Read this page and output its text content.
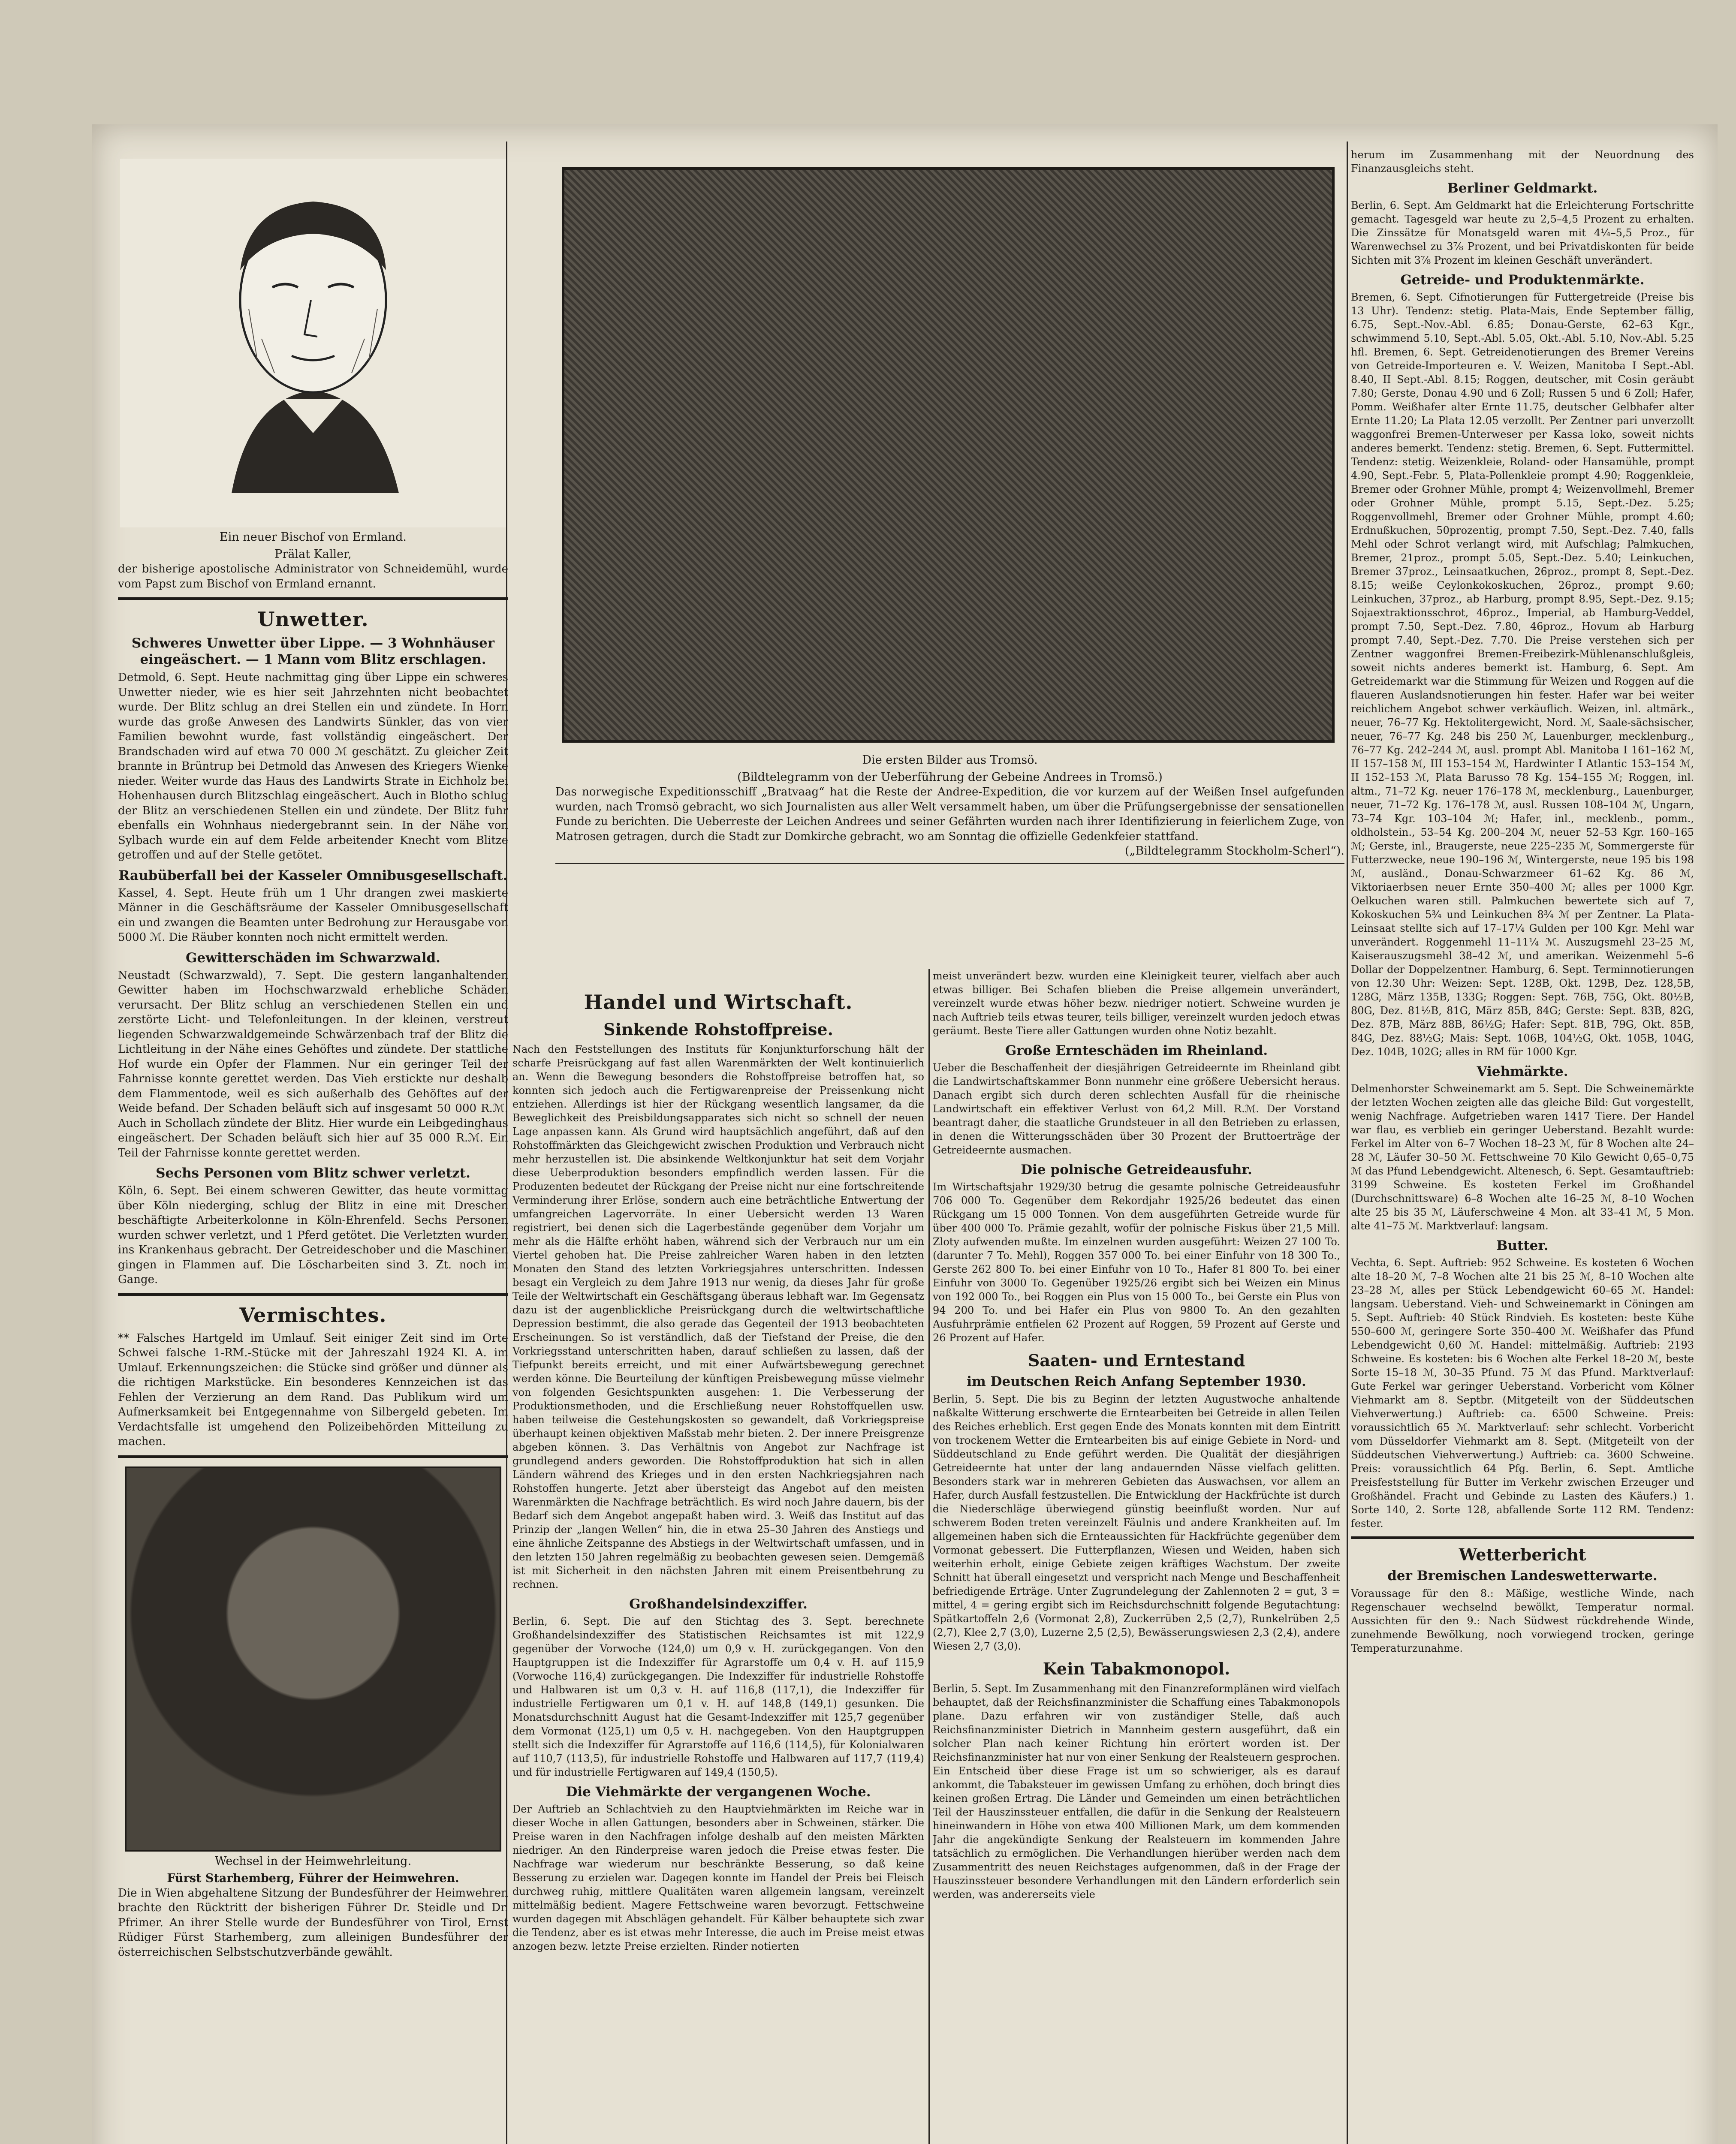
Ein neuer Bischof von Ermland.

Prälat Kaller,

der bisherige apostolische Administrator von Schneidemühl, wurde vom Papst zum Bischof von Ermland ernannt.

Unwetter.
Schweres Unwetter über Lippe. — 3 Wohnhäuser eingeäschert. — 1 Mann vom Blitz erschlagen.

Detmold, 6. Sept. Heute nachmittag ging über Lippe ein schweres Unwetter nieder, wie es hier seit Jahrzehnten nicht beobachtet wurde. Der Blitz schlug an drei Stellen ein und zündete. In Horn wurde das große Anwesen des Landwirts Sünkler, das von vier Familien bewohnt wurde, fast vollständig eingeäschert. Der Brandschaden wird auf etwa 70 000 ℳ geschätzt. Zu gleicher Zeit brannte in Brüntrup bei Detmold das Anwesen des Kriegers Wienke nieder. Weiter wurde das Haus des Landwirts Strate in Eichholz bei Hohenhausen durch Blitzschlag eingeäschert. Auch in Blotho schlug der Blitz an verschiedenen Stellen ein und zündete. Der Blitz fuhr ebenfalls ein Wohnhaus niedergebrannt sein. In der Nähe von Sylbach wurde ein auf dem Felde arbeitender Knecht vom Blitze getroffen und auf der Stelle getötet.

Raubüberfall bei der Kasseler Omnibusgesellschaft.

Kassel, 4. Sept. Heute früh um 1 Uhr drangen zwei maskierte Männer in die Geschäftsräume der Kasseler Omnibusgesellschaft ein und zwangen die Beamten unter Bedrohung zur Herausgabe von 5000 ℳ. Die Räuber konnten noch nicht ermittelt werden.

Gewitterschäden im Schwarzwald.

Neustadt (Schwarzwald), 7. Sept. Die gestern langanhaltenden Gewitter haben im Hochschwarzwald erhebliche Schäden verursacht. Der Blitz schlug an verschiedenen Stellen ein und zerstörte Licht- und Telefonleitungen. In der kleinen, verstreut liegenden Schwarzwaldgemeinde Schwärzenbach traf der Blitz die Lichtleitung in der Nähe eines Gehöftes und zündete. Der stattliche Hof wurde ein Opfer der Flammen. Nur ein geringer Teil der Fahrnisse konnte gerettet werden. Das Vieh erstickte nur deshalb dem Flammentode, weil es sich außerhalb des Gehöftes auf der Weide befand. Der Schaden beläuft sich auf insgesamt 50 000 R.ℳ. Auch in Schollach zündete der Blitz. Hier wurde ein Leibgedinghaus eingeäschert. Der Schaden beläuft sich hier auf 35 000 R.ℳ. Ein Teil der Fahrnisse konnte gerettet werden.

Sechs Personen vom Blitz schwer verletzt.

Köln, 6. Sept. Bei einem schweren Gewitter, das heute vormittag über Köln niederging, schlug der Blitz in eine mit Dreschen beschäftigte Arbeiterkolonne in Köln-Ehrenfeld. Sechs Personen wurden schwer verletzt, und 1 Pferd getötet. Die Verletzten wurden ins Krankenhaus gebracht. Der Getreideschober und die Maschinen gingen in Flammen auf. Die Löscharbeiten sind 3. Zt. noch im Gange.

Vermischtes.

** Falsches Hartgeld im Umlauf. Seit einiger Zeit sind im Orte Schwei falsche 1-RM.-Stücke mit der Jahreszahl 1924 Kl. A. im Umlauf. Erkennungszeichen: die Stücke sind größer und dünner als die richtigen Markstücke. Ein besonderes Kennzeichen ist das Fehlen der Verzierung an dem Rand. Das Publikum wird um Aufmerksamkeit bei Entgegennahme von Silbergeld gebeten. Im Verdachtsfalle ist umgehend den Polizeibehörden Mitteilung zu machen.

Wechsel in der Heimwehrleitung.

Fürst Starhemberg, Führer der Heimwehren.

Die in Wien abgehaltene Sitzung der Bundesführer der Heimwehren brachte den Rücktritt der bisherigen Führer Dr. Steidle und Dr. Pfrimer. An ihrer Stelle wurde der Bundesführer von Tirol, Ernst Rüdiger Fürst Starhemberg, zum alleinigen Bundesführer der österreichischen Selbstschutzverbände gewählt.

Die ersten Bilder aus Tromsö.

(Bildtelegramm von der Ueberführung der Gebeine Andrees in Tromsö.)

Das norwegische Expeditionsschiff „Bratvaag“ hat die Reste der Andree-Expedition, die vor kurzem auf der Weißen Insel aufgefunden wurden, nach Tromsö gebracht, wo sich Journalisten aus aller Welt versammelt haben, um über die Prüfungsergebnisse der sensationellen Funde zu berichten. Die Ueberreste der Leichen Andrees und seiner Gefährten wurden nach ihrer Identifizierung in feierlichem Zuge, von Matrosen getragen, durch die Stadt zur Domkirche gebracht, wo am Sonntag die offizielle Gedenkfeier stattfand.

(„Bildtelegramm Stockholm-Scherl“).

Handel und Wirtschaft.
Sinkende Rohstoffpreise.

Nach den Feststellungen des Instituts für Konjunkturforschung hält der scharfe Preisrückgang auf fast allen Warenmärkten der Welt kontinuierlich an. Wenn die Bewegung besonders die Rohstoffpreise betroffen hat, so konnten sich jedoch auch die Fertigwarenpreise der Preissenkung nicht entziehen. Allerdings ist hier der Rückgang wesentlich langsamer, da die Beweglichkeit des Preisbildungsapparates sich nicht so schnell der neuen Lage anpassen kann. Als Grund wird hauptsächlich angeführt, daß auf den Rohstoffmärkten das Gleichgewicht zwischen Produktion und Verbrauch nicht mehr herzustellen ist. Die absinkende Weltkonjunktur hat seit dem Vorjahr diese Ueberproduktion besonders empfindlich werden lassen. Für die Produzenten bedeutet der Rückgang der Preise nicht nur eine fortschreitende Verminderung ihrer Erlöse, sondern auch eine beträchtliche Entwertung der umfangreichen Lagervorräte. In einer Uebersicht werden 13 Waren registriert, bei denen sich die Lagerbestände gegenüber dem Vorjahr um mehr als die Hälfte erhöht haben, während sich der Verbrauch nur um ein Viertel gehoben hat. Die Preise zahlreicher Waren haben in den letzten Monaten den Stand des letzten Vorkriegsjahres unterschritten. Indessen besagt ein Vergleich zu dem Jahre 1913 nur wenig, da dieses Jahr für große Teile der Weltwirtschaft ein Geschäftsgang überaus lebhaft war. Im Gegensatz dazu ist der augenblickliche Preisrückgang durch die weltwirtschaftliche Depression bestimmt, die also gerade das Gegenteil der 1913 beobachteten Erscheinungen. So ist verständlich, daß der Tiefstand der Preise, die den Vorkriegsstand unterschritten haben, darauf schließen zu lassen, daß der Tiefpunkt bereits erreicht, und mit einer Aufwärtsbewegung gerechnet werden könne. Die Beurteilung der künftigen Preisbewegung müsse vielmehr von folgenden Gesichtspunkten ausgehen: 1. Die Verbesserung der Produktionsmethoden, und die Erschließung neuer Rohstoffquellen usw. haben teilweise die Gestehungskosten so gewandelt, daß Vorkriegspreise überhaupt keinen objektiven Maßstab mehr bieten. 2. Der innere Preisgrenze abgeben können. 3. Das Verhältnis von Angebot zur Nachfrage ist grundlegend anders geworden. Die Rohstoffproduktion hat sich in allen Ländern während des Krieges und in den ersten Nachkriegsjahren nach Rohstoffen hungerte. Jetzt aber übersteigt das Angebot auf den meisten Warenmärkten die Nachfrage beträchtlich. Es wird noch Jahre dauern, bis der Bedarf sich dem Angebot angepaßt haben wird. 3. Weiß das Institut auf das Prinzip der „langen Wellen“ hin, die in etwa 25–30 Jahren des Anstiegs und eine ähnliche Zeitspanne des Abstiegs in der Weltwirtschaft umfassen, und in den letzten 150 Jahren regelmäßig zu beobachten gewesen seien. Demgemäß ist mit Sicherheit in den nächsten Jahren mit einem Preisentbehrung zu rechnen.

Großhandelsindexziffer.

Berlin, 6. Sept. Die auf den Stichtag des 3. Sept. berechnete Großhandelsindexziffer des Statistischen Reichsamtes ist mit 122,9 gegenüber der Vorwoche (124,0) um 0,9 v. H. zurückgegangen. Von den Hauptgruppen ist die Indexziffer für Agrarstoffe um 0,4 v. H. auf 115,9 (Vorwoche 116,4) zurückgegangen. Die Indexziffer für industrielle Rohstoffe und Halbwaren ist um 0,3 v. H. auf 116,8 (117,1), die Indexziffer für industrielle Fertigwaren um 0,1 v. H. auf 148,8 (149,1) gesunken. Die Monatsdurchschnitt August hat die Gesamt-Indexziffer mit 125,7 gegenüber dem Vormonat (125,1) um 0,5 v. H. nachgegeben. Von den Hauptgruppen stellt sich die Indexziffer für Agrarstoffe auf 116,6 (114,5), für Kolonialwaren auf 110,7 (113,5), für industrielle Rohstoffe und Halbwaren auf 117,7 (119,4) und für industrielle Fertigwaren auf 149,4 (150,5).

Die Viehmärkte der vergangenen Woche.

Der Auftrieb an Schlachtvieh zu den Hauptviehmärkten im Reiche war in dieser Woche in allen Gattungen, besonders aber in Schweinen, stärker. Die Preise waren in den Nachfragen infolge deshalb auf den meisten Märkten niedriger. An den Rinderpreise waren jedoch die Preise etwas fester. Die Nachfrage war wiederum nur beschränkte Besserung, so daß keine Besserung zu erzielen war. Dagegen konnte im Handel der Preis bei Fleisch durchweg ruhig, mittlere Qualitäten waren allgemein langsam, vereinzelt mittelmäßig bedient. Magere Fettschweine waren bevorzugt. Fettschweine wurden dagegen mit Abschlägen gehandelt. Für Kälber behauptete sich zwar die Tendenz, aber es ist etwas mehr Interesse, die auch im Preise meist etwas anzogen bezw. letzte Preise erzielten. Rinder notierten

meist unverändert bezw. wurden eine Kleinigkeit teurer, vielfach aber auch etwas billiger. Bei Schafen blieben die Preise allgemein unverändert, vereinzelt wurde etwas höher bezw. niedriger notiert. Schweine wurden je nach Auftrieb teils etwas teurer, teils billiger, vereinzelt wurden jedoch etwas geräumt. Beste Tiere aller Gattungen wurden ohne Notiz bezahlt.

Große Ernteschäden im Rheinland.

Ueber die Beschaffenheit der diesjährigen Getreideernte im Rheinland gibt die Landwirtschaftskammer Bonn nunmehr eine größere Uebersicht heraus. Danach ergibt sich durch deren schlechten Ausfall für die rheinische Landwirtschaft ein effektiver Verlust von 64,2 Mill. R.ℳ. Der Vorstand beantragt daher, die staatliche Grundsteuer in all den Betrieben zu erlassen, in denen die Witterungsschäden über 30 Prozent der Bruttoerträge der Getreideernte ausmachen.

Die polnische Getreideausfuhr.

Im Wirtschaftsjahr 1929/30 betrug die gesamte polnische Getreideausfuhr 706 000 To. Gegenüber dem Rekordjahr 1925/26 bedeutet das einen Rückgang um 15 000 Tonnen. Von dem ausgeführten Getreide wurde für über 400 000 To. Prämie gezahlt, wofür der polnische Fiskus über 21,5 Mill. Zloty aufwenden mußte. Im einzelnen wurden ausgeführt: Weizen 27 100 To. (darunter 7 To. Mehl), Roggen 357 000 To. bei einer Einfuhr von 18 300 To., Gerste 262 800 To. bei einer Einfuhr von 10 To., Hafer 81 800 To. bei einer Einfuhr von 3000 To. Gegenüber 1925/26 ergibt sich bei Weizen ein Minus von 192 000 To., bei Roggen ein Plus von 15 000 To., bei Gerste ein Plus von 94 200 To. und bei Hafer ein Plus von 9800 To. An den gezahlten Ausfuhrprämie entfielen 62 Prozent auf Roggen, 59 Prozent auf Gerste und 26 Prozent auf Hafer.

Saaten- und Erntestand
im Deutschen Reich Anfang September 1930.

Berlin, 5. Sept. Die bis zu Beginn der letzten Augustwoche anhaltende naßkalte Witterung erschwerte die Erntearbeiten bei Getreide in allen Teilen des Reiches erheblich. Erst gegen Ende des Monats konnten mit dem Eintritt von trockenem Wetter die Erntearbeiten bis auf einige Gebiete in Nord- und Süddeutschland zu Ende geführt werden. Die Qualität der diesjährigen Getreideernte hat unter der lang andauernden Nässe vielfach gelitten. Besonders stark war in mehreren Gebieten das Auswachsen, vor allem an Hafer, durch Ausfall festzustellen. Die Entwicklung der Hackfrüchte ist durch die Niederschläge überwiegend günstig beeinflußt worden. Nur auf schwerem Boden treten vereinzelt Fäulnis und andere Krankheiten auf. Im allgemeinen haben sich die Ernteaussichten für Hackfrüchte gegenüber dem Vormonat gebessert. Die Futterpflanzen, Wiesen und Weiden, haben sich weiterhin erholt, einige Gebiete zeigen kräftiges Wachstum. Der zweite Schnitt hat überall eingesetzt und verspricht nach Menge und Beschaffenheit befriedigende Erträge. Unter Zugrundelegung der Zahlennoten 2 = gut, 3 = mittel, 4 = gering ergibt sich im Reichsdurchschnitt folgende Begutachtung: Spätkartoffeln 2,6 (Vormonat 2,8), Zuckerrüben 2,5 (2,7), Runkelrüben 2,5 (2,7), Klee 2,7 (3,0), Luzerne 2,5 (2,5), Bewässerungswiesen 2,3 (2,4), andere Wiesen 2,7 (3,0).

Kein Tabakmonopol.

Berlin, 5. Sept. Im Zusammenhang mit den Finanzreformplänen wird vielfach behauptet, daß der Reichsfinanzminister die Schaffung eines Tabakmonopols plane. Dazu erfahren wir von zuständiger Stelle, daß auch Reichsfinanzminister Dietrich in Mannheim gestern ausgeführt, daß ein solcher Plan nach keiner Richtung hin erörtert worden ist. Der Reichsfinanzminister hat nur von einer Senkung der Realsteuern gesprochen. Ein Entscheid über diese Frage ist um so schwieriger, als es darauf ankommt, die Tabaksteuer im gewissen Umfang zu erhöhen, doch bringt dies keinen großen Ertrag. Die Länder und Gemeinden um einen beträchtlichen Teil der Hauszinssteuer entfallen, die dafür in die Senkung der Realsteuern hineinwandern in Höhe von etwa 400 Millionen Mark, um dem kommenden Jahr die angekündigte Senkung der Realsteuern im kommenden Jahre tatsächlich zu ermöglichen. Die Verhandlungen hierüber werden nach dem Zusammentritt des neuen Reichstages aufgenommen, daß in der Frage der Hauszinssteuer besondere Verhandlungen mit den Ländern erforderlich sein werden, was andererseits viele

herum im Zusammenhang mit der Neuordnung des Finanzausgleichs steht.

Berliner Geldmarkt.

Berlin, 6. Sept. Am Geldmarkt hat die Erleichterung Fortschritte gemacht. Tagesgeld war heute zu 2,5–4,5 Prozent zu erhalten. Die Zinssätze für Monatsgeld waren mit 4¼–5,5 Proz., für Warenwechsel zu 3⅞ Prozent, und bei Privatdiskonten für beide Sichten mit 3⅞ Prozent im kleinen Geschäft unverändert.

Getreide- und Produktenmärkte.

Bremen, 6. Sept. Cifnotierungen für Futtergetreide (Preise bis 13 Uhr). Tendenz: stetig. Plata-Mais, Ende September fällig, 6.75, Sept.-Nov.-Abl. 6.85; Donau-Gerste, 62–63 Kgr., schwimmend 5.10, Sept.-Abl. 5.05, Okt.-Abl. 5.10, Nov.-Abl. 5.25 hfl. Bremen, 6. Sept. Getreidenotierungen des Bremer Vereins von Getreide-Importeuren e. V. Weizen, Manitoba I Sept.-Abl. 8.40, II Sept.-Abl. 8.15; Roggen, deutscher, mit Cosin geräubt 7.80; Gerste, Donau 4.90 und 6 Zoll; Russen 5 und 6 Zoll; Hafer, Pomm. Weißhafer alter Ernte 11.75, deutscher Gelbhafer alter Ernte 11.20; La Plata 12.05 verzollt. Per Zentner pari unverzollt waggonfrei Bremen-Unterweser per Kassa loko, soweit nichts anderes bemerkt. Tendenz: stetig. Bremen, 6. Sept. Futtermittel. Tendenz: stetig. Weizenkleie, Roland- oder Hansamühle, prompt 4.90, Sept.-Febr. 5, Plata-Pollenkleie prompt 4.90; Roggenkleie, Bremer oder Grohner Mühle, prompt 4; Weizenvollmehl, Bremer oder Grohner Mühle, prompt 5.15, Sept.-Dez. 5.25; Roggenvollmehl, Bremer oder Grohner Mühle, prompt 4.60; Erdnußkuchen, 50prozentig, prompt 7.50, Sept.-Dez. 7.40, falls Mehl oder Schrot verlangt wird, mit Aufschlag; Palmkuchen, Bremer, 21proz., prompt 5.05, Sept.-Dez. 5.40; Leinkuchen, Bremer 37proz., Leinsaatkuchen, 26proz., prompt 8, Sept.-Dez. 8.15; weiße Ceylonkokoskuchen, 26proz., prompt 9.60; Leinkuchen, 37proz., ab Harburg, prompt 8.95, Sept.-Dez. 9.15; Sojaextraktionsschrot, 46proz., Imperial, ab Hamburg-Veddel, prompt 7.50, Sept.-Dez. 7.80, 46proz., Hovum ab Harburg prompt 7.40, Sept.-Dez. 7.70. Die Preise verstehen sich per Zentner waggonfrei Bremen-Freibezirk-Mühlenanschlußgleis, soweit nichts anderes bemerkt ist. Hamburg, 6. Sept. Am Getreidemarkt war die Stimmung für Weizen und Roggen auf die flaueren Auslandsnotierungen hin fester. Hafer war bei weiter reichlichem Angebot schwer verkäuflich. Weizen, inl. altmärk., neuer, 76–77 Kg. Hektolitergewicht, Nord. ℳ, Saale-sächsischer, neuer, 76–77 Kg. 248 bis 250 ℳ, Lauenburger, mecklenburg., 76–77 Kg. 242–244 ℳ, ausl. prompt Abl. Manitoba I 161–162 ℳ, II 157–158 ℳ, III 153–154 ℳ, Hardwinter I Atlantic 153–154 ℳ, II 152–153 ℳ, Plata Barusso 78 Kg. 154–155 ℳ; Roggen, inl. altm., 71–72 Kg. neuer 176–178 ℳ, mecklenburg., Lauenburger, neuer, 71–72 Kg. 176–178 ℳ, ausl. Russen 108–104 ℳ, Ungarn, 73–74 Kgr. 103–104 ℳ; Hafer, inl., mecklenb., pomm., oldholstein., 53–54 Kg. 200–204 ℳ, neuer 52–53 Kgr. 160–165 ℳ; Gerste, inl., Braugerste, neue 225–235 ℳ, Sommergerste für Futterzwecke, neue 190–196 ℳ, Wintergerste, neue 195 bis 198 ℳ, ausländ., Donau-Schwarzmeer 61–62 Kg. 86 ℳ, Viktoriaerbsen neuer Ernte 350–400 ℳ; alles per 1000 Kgr. Oelkuchen waren still. Palmkuchen bewertete sich auf 7, Kokoskuchen 5¾ und Leinkuchen 8¾ ℳ per Zentner. La Plata-Leinsaat stellte sich auf 17–17¼ Gulden per 100 Kgr. Mehl war unverändert. Roggenmehl 11–11¼ ℳ. Auszugsmehl 23–25 ℳ, Kaiserauszugsmehl 38–42 ℳ, und amerikan. Weizenmehl 5–6 Dollar der Doppelzentner. Hamburg, 6. Sept. Terminnotierungen von 12.30 Uhr: Weizen: Sept. 128B, Okt. 129B, Dez. 128,5B, 128G, März 135B, 133G; Roggen: Sept. 76B, 75G, Okt. 80½B, 80G, Dez. 81½B, 81G, März 85B, 84G; Gerste: Sept. 83B, 82G, Dez. 87B, März 88B, 86½G; Hafer: Sept. 81B, 79G, Okt. 85B, 84G, Dez. 88½G; Mais: Sept. 106B, 104½G, Okt. 105B, 104G, Dez. 104B, 102G; alles in RM für 1000 Kgr.

Viehmärkte.

Delmenhorster Schweinemarkt am 5. Sept. Die Schweinemärkte der letzten Wochen zeigten alle das gleiche Bild: Gut vorgestellt, wenig Nachfrage. Aufgetrieben waren 1417 Tiere. Der Handel war flau, es verblieb ein geringer Ueberstand. Bezahlt wurde: Ferkel im Alter von 6–7 Wochen 18–23 ℳ, für 8 Wochen alte 24–28 ℳ, Läufer 30–50 ℳ. Fettschweine 70 Kilo Gewicht 0,65–0,75 ℳ das Pfund Lebendgewicht. Altenesch, 6. Sept. Gesamtauftrieb: 3199 Schweine. Es kosteten Ferkel im Großhandel (Durchschnittsware) 6–8 Wochen alte 16–25 ℳ, 8–10 Wochen alte 25 bis 35 ℳ, Läuferschweine 4 Mon. alt 33–41 ℳ, 5 Mon. alte 41–75 ℳ. Marktverlauf: langsam.

Butter.

Vechta, 6. Sept. Auftrieb: 952 Schweine. Es kosteten 6 Wochen alte 18–20 ℳ, 7–8 Wochen alte 21 bis 25 ℳ, 8–10 Wochen alte 23–28 ℳ, alles per Stück Lebendgewicht 60–65 ℳ. Handel: langsam. Ueberstand. Vieh- und Schweinemarkt in Cöningen am 5. Sept. Auftrieb: 40 Stück Rindvieh. Es kosteten: beste Kühe 550–600 ℳ, geringere Sorte 350–400 ℳ. Weißhafer das Pfund Lebendgewicht 0,60 ℳ. Handel: mittelmäßig. Auftrieb: 2193 Schweine. Es kosteten: bis 6 Wochen alte Ferkel 18–20 ℳ, beste Sorte 15–18 ℳ, 30–35 Pfund. 75 ℳ das Pfund. Marktverlauf: Gute Ferkel war geringer Ueberstand. Vorbericht vom Kölner Viehmarkt am 8. Septbr. (Mitgeteilt von der Süddeutschen Viehverwertung.) Auftrieb: ca. 6500 Schweine. Preis: voraussichtlich 65 ℳ. Marktverlauf: sehr schlecht. Vorbericht vom Düsseldorfer Viehmarkt am 8. Sept. (Mitgeteilt von der Süddeutschen Viehverwertung.) Auftrieb: ca. 3600 Schweine. Preis: voraussichtlich 64 Pfg. Berlin, 6. Sept. Amtliche Preisfeststellung für Butter im Verkehr zwischen Erzeuger und Großhändel. Fracht und Gebinde zu Lasten des Käufers.) 1. Sorte 140, 2. Sorte 128, abfallende Sorte 112 RM. Tendenz: fester.

Wetterbericht
der Bremischen Landeswetterwarte.

Voraussage für den 8.: Mäßige, westliche Winde, nach Regenschauer wechselnd bewölkt, Temperatur normal. Aussichten für den 9.: Nach Südwest rückdrehende Winde, zunehmende Bewölkung, noch vorwiegend trocken, geringe Temperaturzunahme.
